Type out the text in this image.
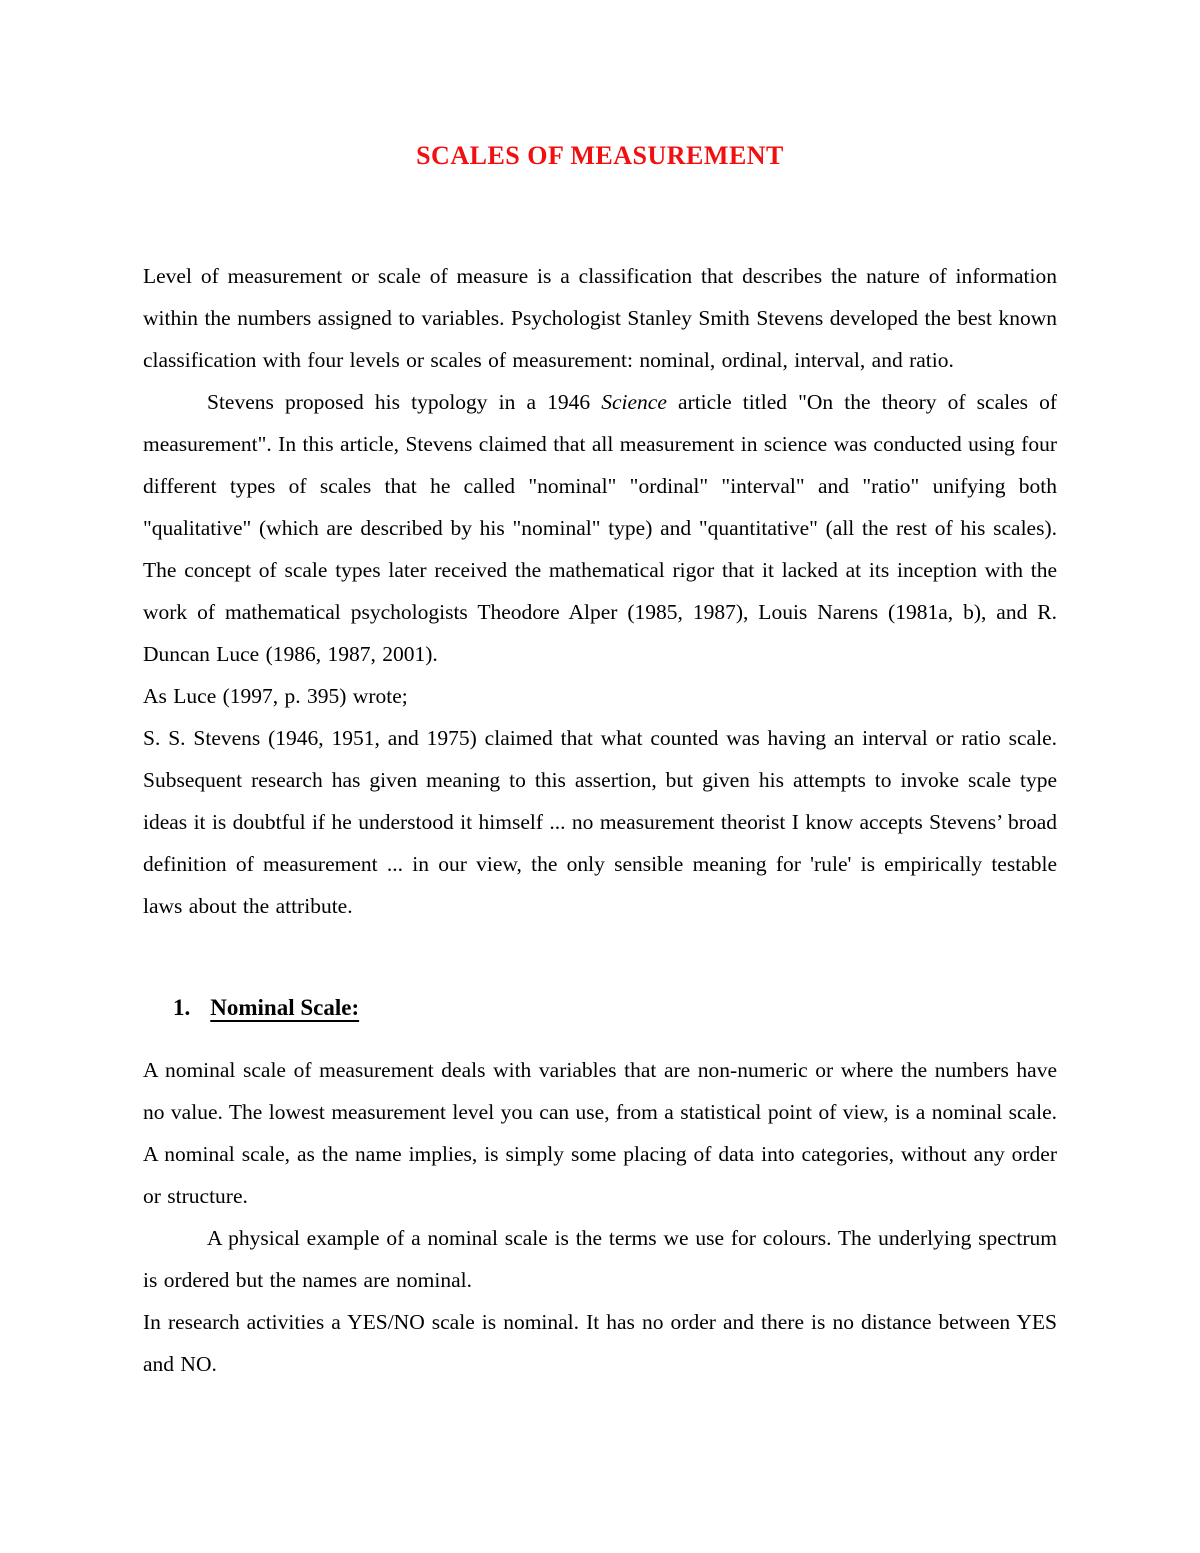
SCALES OF MEASUREMENT

Level of measurement or scale of measure is a classification that describes the nature of information within the numbers assigned to variables. Psychologist Stanley Smith Stevens developed the best known classification with four levels or scales of measurement: nominal, ordinal, interval, and ratio.

Stevens proposed his typology in a 1946 Science article titled "On the theory of scales of measurement". In this article, Stevens claimed that all measurement in science was conducted using four different types of scales that he called "nominal" "ordinal" "interval" and "ratio" unifying both "qualitative" (which are described by his "nominal" type) and "quantitative" (all the rest of his scales). The concept of scale types later received the mathematical rigor that it lacked at its inception with the work of mathematical psychologists Theodore Alper (1985, 1987), Louis Narens (1981a, b), and R. Duncan Luce (1986, 1987, 2001).

As Luce (1997, p. 395) wrote;

S. S. Stevens (1946, 1951, and 1975) claimed that what counted was having an interval or ratio scale. Subsequent research has given meaning to this assertion, but given his attempts to invoke scale type ideas it is doubtful if he understood it himself ... no measurement theorist I know accepts Stevens’ broad definition of measurement ... in our view, the only sensible meaning for 'rule' is empirically testable laws about the attribute.

1. Nominal Scale:

A nominal scale of measurement deals with variables that are non-numeric or where the numbers have no value. The lowest measurement level you can use, from a statistical point of view, is a nominal scale. A nominal scale, as the name implies, is simply some placing of data into categories, without any order or structure.

A physical example of a nominal scale is the terms we use for colours. The underlying spectrum is ordered but the names are nominal.

In research activities a YES/NO scale is nominal. It has no order and there is no distance between YES and NO.
